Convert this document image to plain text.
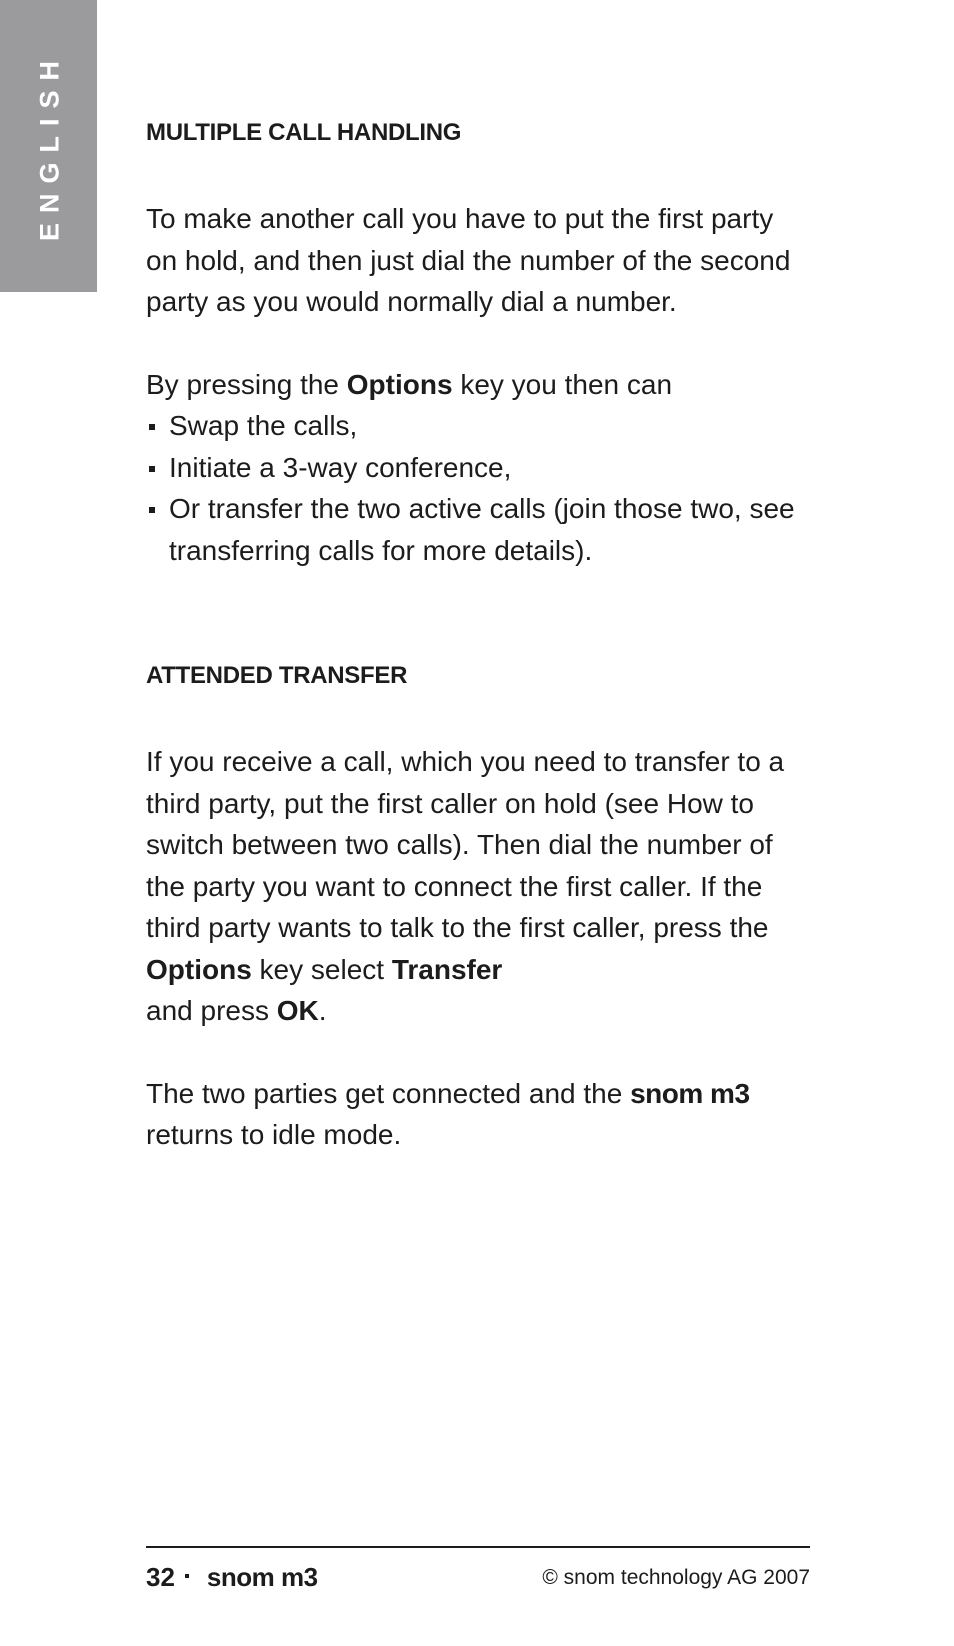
ENGLISH	MULTIPLE CALL HANDLING

To make another call you have to put the first party on hold, and then just dial the number of the second party as you would normally dial a number.

By pressing the Options key you then can

Swap the calls,
Initiate a 3-way conference,
Or transfer the two active calls (join those two, see transferring calls for more details).
ATTENDED TRANSFER

If you receive a call, which you need to transfer to a third party, put the first caller on hold (see How to switch between two calls). Then dial the number of the party you want to connect the first caller. If the third party wants to talk to the first caller, press the Options key select Transfer
and press OK.

The two parties get connected and the snom m3
returns to idle mode.

32 snom m3	© snom technology AG 2007
